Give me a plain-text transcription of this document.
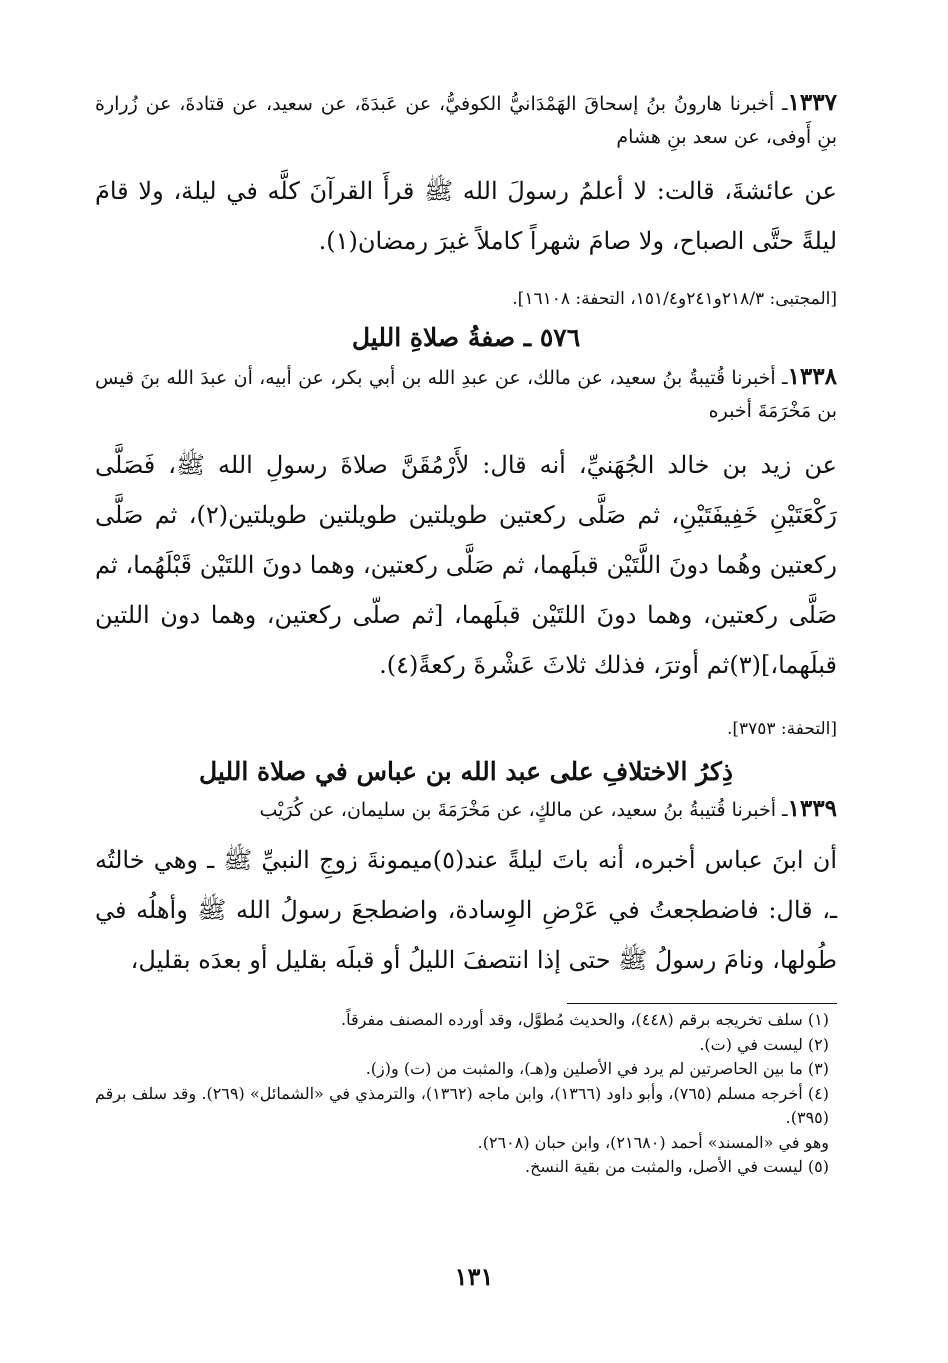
١٣٣٧ـ أخبرنا هارونُ بنُ إسحاقَ الهَمْدَانيُّ الكوفيُّ، عن عَبدَةَ، عن سعيد، عن قتادةَ، عن زُرارة بنِ أَوفى، عن سعد بنِ هشام

عن عائشةَ، قالت: لا أعلمُ رسولَ الله ﷺ قرأَ القرآنَ كلَّه في ليلة، ولا قامَ ليلةً حتَّى الصباح، ولا صامَ شهراً كاملاً غيرَ رمضان(١).

[المجتبى: ٢١٨/٣و٢٤١و١٥١/٤، التحفة: ١٦١٠٨].

٥٧٦ ـ صفةُ صلاةِ الليل

١٣٣٨ـ أخبرنا قُتيبةُ بنُ سعيد، عن مالك، عن عبدِ الله بن أبي بكر، عن أبيه، أن عبدَ الله بنَ قيس بن مَخْرَمَةَ أخبره

عن زيد بن خالد الجُهَنيِّ، أنه قال: لأَرْمُقَنَّ صلاةَ رسولِ الله ﷺ، فَصَلَّى رَكْعَتَيْنِ خَفِيفَتَيْنِ، ثم صَلَّى ركعتين طويلتين طويلتين طويلتين(٢)، ثم صَلَّى ركعتين وهُما دونَ اللَّتَيْن قبلَهما، ثم صَلَّى ركعتين، وهما دونَ اللتَيْن قَبْلَهُما، ثم صَلَّى ركعتين، وهما دونَ اللتَيْن قبلَهما، [ثم صلّى ركعتين، وهما دون اللتين قبلَهما،](٣)ثم أوترَ، فذلك ثلاثَ عَشْرةَ ركعةً(٤).

[التحفة: ٣٧٥٣].

ذِكرُ الاختلافِ على عبد الله بن عباس في صلاة الليل

١٣٣٩ـ أخبرنا قُتيبةُ بنُ سعيد، عن مالكٍ، عن مَخْرَمَةَ بن سليمان، عن كُرَيْب

أن ابنَ عباس أخبره، أنه باتَ ليلةً عند(٥)ميمونةَ زوجِ النبيِّ ﷺ ـ وهي خالتُه ـ، قال: فاضطجعتُ في عَرْضِ الوِسادة، واضطجعَ رسولُ الله ﷺ وأهلُه في طُولها، ونامَ رسولُ ﷺ حتى إذا انتصفَ الليلُ أو قبلَه بقليل أو بعدَه بقليل،

(١) سلف تخريجه برقم (٤٤٨)، والحديث مُطوَّل، وقد أورده المصنف مفرقاً.

(٢) ليست في (ت).

(٣) ما بين الحاصرتين لم يرد في الأصلين و(هـ)، والمثبت من (ت) و(ز).

(٤) أخرجه مسلم (٧٦٥)، وأبو داود (١٣٦٦)، وابن ماجه (١٣٦٢)، والترمذي في «الشمائل» (٢٦٩). وقد سلف برقم (٣٩٥).

وهو في «المسند» أحمد (٢١٦٨٠)، وابن حبان (٢٦٠٨).

(٥) ليست في الأصل، والمثبت من بقية النسخ.

١٣١
